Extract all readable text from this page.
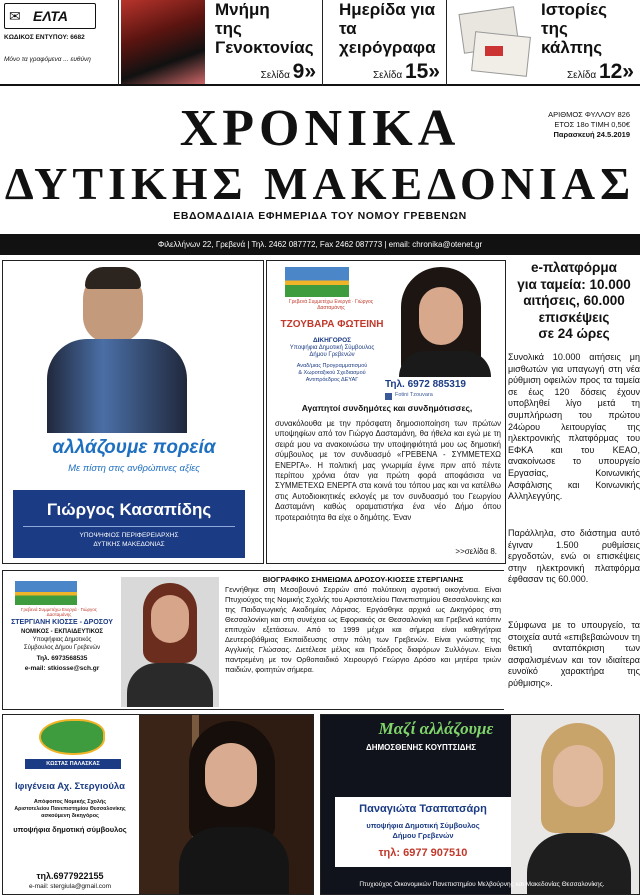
✉ ΕΛΤΑ
ΚΩΔΙΚΟΣ ΕΝΤΥΠΟΥ: 6682
Μόνο τα γραφόμενα ... ευθύνη
Μνήμη
της
Γενοκτονίας
Σελίδα 9»
Ημερίδα για
τα
χειρόγραφα
Σελίδα 15»
Ιστορίες
της
κάλπης
Σελίδα 12»
ΧΡΟΝΙΚΑ
ΔΥΤΙΚΗΣ ΜΑΚΕΔΟΝΙΑΣ
ΑΡΙΘΜΟΣ ΦΥΛΛΟΥ 826
ΕΤΟΣ 18ο ΤΙΜΗ 0,50€
Παρασκευή 24.5.2019
ΕΒΔΟΜΑΔΙΑΙΑ ΕΦΗΜΕΡΙΔΑ ΤΟΥ ΝΟΜΟΥ ΓΡΕΒΕΝΩΝ
Φιλελλήνων 22, Γρεβενά | Τηλ. 2462 087772, Fax 2462 087773 | email: chronika@otenet.gr
αλλάζουμε πορεία
Με πίστη στις ανθρώπινες αξίες
Γιώργος Κασαπίδης
ΥΠΟΨΗΦΙΟΣ ΠΕΡΙΦΕΡΕΙΑΡΧΗΣ
ΔΥΤΙΚΗΣ ΜΑΚΕΔΟΝΙΑΣ
Γρεβενά Συμμετέχω Ενεργά · Γιώργος Δασταμάνης
ΤΖΟΥΒΑΡΑ ΦΩΤΕΙΝΗ
ΔΙΚΗΓΟΡΟΣ
Υποψήφια Δημοτική Σύμβουλος
Δήμου Γρεβενών
Αναδ/μιας Προγραμματισμού
& Χωροταξικού Σχεδιασμού
Αντιπρόεδρος ΔΕΥΑΓ	Τηλ. 6972 885319
Fotini Tzouvara
Αγαπητοί συνδημότες και συνδημότισσες,
συνακόλουθα με την πρόσφατη δημοσιοποίηση των πρώτων υποψηφίων από τον Γιώργο Δασταμάνη, θα ήθελα και εγώ με τη σειρά μου να ανακοινώσω την υποψηφιότητά μου ως δημοτική σύμβουλος με τον συνδυασμό «ΓΡΕΒΕΝΑ - ΣΥΜΜΕΤΕΧΩ ΕΝΕΡΓΑ». Η πολιτική μας γνωριμία έγινε πριν από πέντε περίπου χρόνια όταν για πρώτη φορά αποφάσισα να ΣΥΜΜΕΤΕΧΩ ΕΝΕΡΓΑ στα κοινά του τόπου μας και να κατέλθω στις Αυτοδιοικητικές εκλογές με τον συνδυασμό του Γεωργίου Δασταμάνη καθώς οραματιστήκα ένα νέο Δήμο όπου προτεραιότητα θα είχε ο δημότης. Έναν
>>σελίδα 8.
e-πλατφόρμα
για ταμεία: 10.000
αιτήσεις, 60.000
επισκέψεις
σε 24 ώρες
Συνολικά 10.000 αιτήσεις μη μισθωτών για υπαγωγή στη νέα ρύθμιση οφειλών προς τα ταμεία σε έως 120 δόσεις έχουν υποβληθεί λίγο μετά τη συμπλήρωση του πρώτου 24ώρου λειτουργίας της ηλεκτρονικής πλατφόρμας του ΕΦΚΑ και του ΚΕΑΟ, ανακοίνωσε το υπουργείο Εργασίας, Κοινωνικής Ασφάλισης και Κοινωνικής Αλληλεγγύης.
Παράλληλα, στο διάστημα αυτό έγιναν 1.500 ρυθμίσεις εργοδοτών, ενώ οι επισκέψεις στην ηλεκτρονική πλατφόρμα έφθασαν τις 60.000.
Σύμφωνα με το υπουργείο, τα στοιχεία αυτά «επιβεβαιώνουν τη θετική ανταπόκριση των ασφαλισμένων και τον ιδιαίτερα ευνοϊκό χαρακτήρα της ρύθμισης».
Γρεβενά Συμμετέχω Ενεργά · Γιώργος Δασταμάνης
ΣΤΕΡΓΙΑΝΗ ΚΙΟΣΣΕ - ΔΡΟΣΟΥ
ΝΟΜΙΚΟΣ - ΕΚΠΑΙΔΕΥΤΙΚΟΣ
Υποψήφιας Δημοτικός
Σύμβουλος Δήμου Γρεβενών
Τηλ. 6973568535
e-mail: stkiosse@sch.gr
ΒΙΟΓΡΑΦΙΚΟ ΣΗΜΕΙΩΜΑ ΔΡΟΣΟΥ-ΚΙΟΣΣΕ ΣΤΕΡΓΙΑΝΗΣ
Γεννήθηκε στη Μεσοβουνό Σερρών από πολύτεκνη αγροτική οικογένεια. Είναι Πτυχιούχος της Νομικής Σχολής του Αριστοτελείου Πανεπιστημίου Θεσσαλονίκης και της Παιδαγωγικής Ακαδημίας Λάρισας. Εργάσθηκε αρχικά ως Δικηγόρος στη Θεσσαλονίκη και στη συνέχεια ως Εφοριακός σε Θεσσαλονίκη και Γρεβενά κατόπιν επιτυχών εξετάσεων. Από το 1999 μέχρι και σήμερα είναι καθηγήτρια Δευτεροβάθμιας Εκπαίδευσης στην πόλη των Γρεβενών. Είναι γνώστης της Αγγλικής Γλώσσας. Διετέλεσε μέλος και Πρόεδρος διαφόρων Συλλόγων. Είναι παντρεμένη με τον Ορθοπαιδικό Χειρουργό Γεώργιο Δρόσο και μητέρα τριών παιδιών, φοιτητών σήμερα.
ΚΩΣΤΑΣ ΠΑΛΑΣΚΑΣ
Ιφιγένεια Αχ. Στεργιούλα
Απόφοιτος Νομικής Σχολής
Αριστοτελείου Πανεπιστημίου Θεσσαλονίκης
ασκούμενη δικηγόρος
υποψήφια δημοτική σύμβουλος
τηλ.6977922155
e-mail: stergiula@gmail.com
Μαζί αλλάζουμε
ΔΗΜΟΣΘΕΝΗΣ ΚΟΥΠΤΣΙΔΗΣ
Παναγιώτα Τσαπατσάρη
υποψήφια Δημοτική Σύμβουλος
Δήμου Γρεβενών
τηλ: 6977 907510
Πτυχιούχος Οικονομικών Πανεπιστημίου Μελβούρνης και Μακεδονίας Θεσσαλονίκης.
